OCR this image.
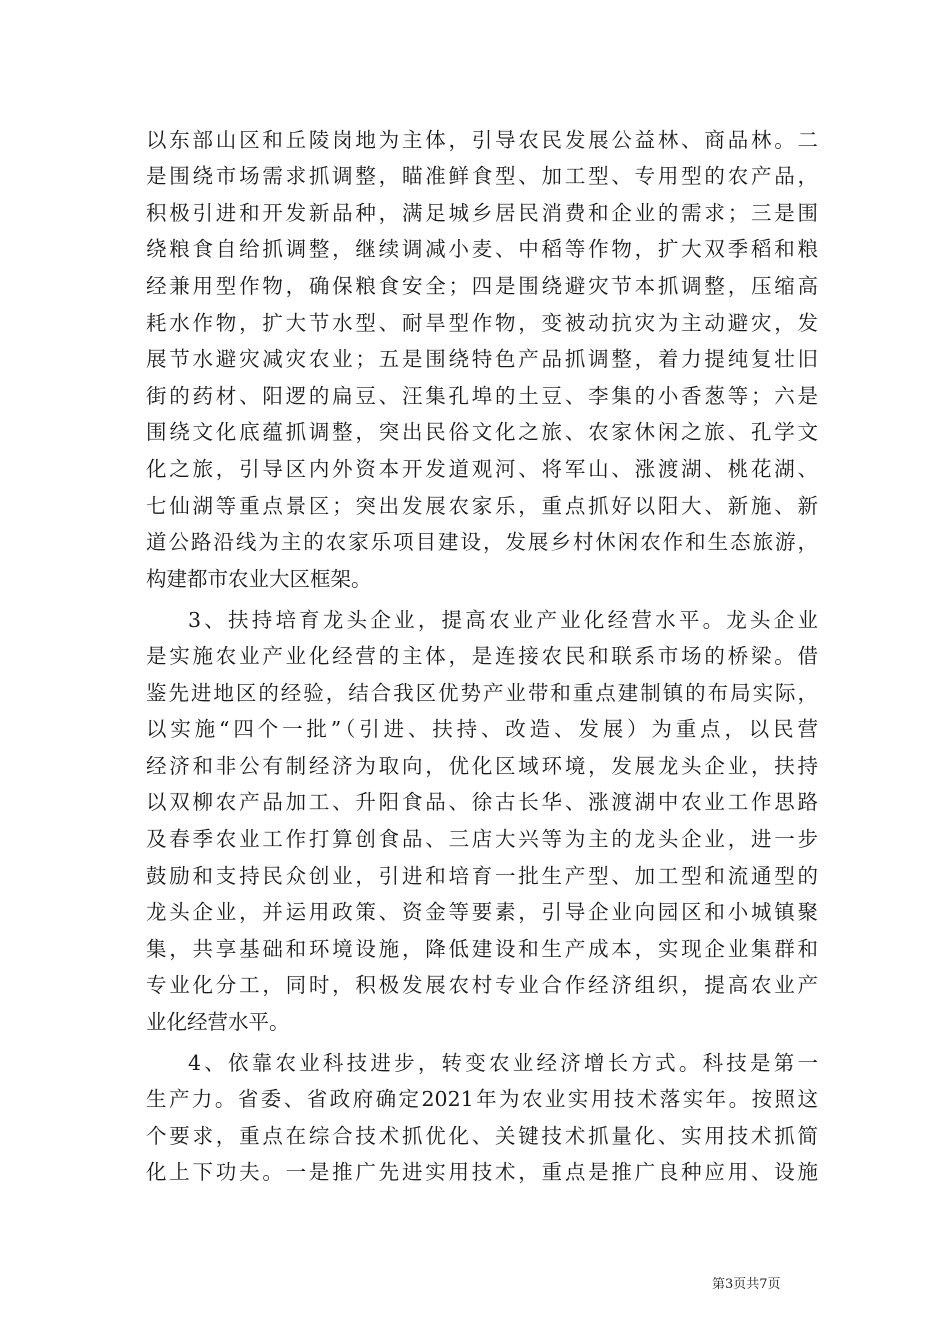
以东部山区和丘陵岗地为主体，引导农民发展公益林、商品林。二
是围绕市场需求抓调整，瞄准鲜食型、加工型、专用型的农产品，
积极引进和开发新品种，满足城乡居民消费和企业的需求；三是围
绕粮食自给抓调整，继续调减小麦、中稻等作物，扩大双季稻和粮
经兼用型作物，确保粮食安全；四是围绕避灾节本抓调整，压缩高
耗水作物，扩大节水型、耐旱型作物，变被动抗灾为主动避灾，发
展节水避灾减灾农业；五是围绕特色产品抓调整，着力提纯复壮旧
街的药材、阳逻的扁豆、汪集孔埠的土豆、李集的小香葱等；六是
围绕文化底蕴抓调整，突出民俗文化之旅、农家休闲之旅、孔学文
化之旅，引导区内外资本开发道观河、将军山、涨渡湖、桃花湖、
七仙湖等重点景区；突出发展农家乐，重点抓好以阳大、新施、新
道公路沿线为主的农家乐项目建设，发展乡村休闲农作和生态旅游，
构建都市农业大区框架。
3、扶持培育龙头企业，提高农业产业化经营水平。龙头企业
是实施农业产业化经营的主体，是连接农民和联系市场的桥梁。借
鉴先进地区的经验，结合我区优势产业带和重点建制镇的布局实际，
以实施“四个一批”（引进、扶持、改造、发展）为重点，以民营
经济和非公有制经济为取向，优化区域环境，发展龙头企业，扶持
以双柳农产品加工、升阳食品、徐古长华、涨渡湖中农业工作思路
及春季农业工作打算创食品、三店大兴等为主的龙头企业，进一步
鼓励和支持民众创业，引进和培育一批生产型、加工型和流通型的
龙头企业，并运用政策、资金等要素，引导企业向园区和小城镇聚
集，共享基础和环境设施，降低建设和生产成本，实现企业集群和
专业化分工，同时，积极发展农村专业合作经济组织，提高农业产
业化经营水平。
4、依靠农业科技进步，转变农业经济增长方式。科技是第一
生产力。省委、省政府确定2021年为农业实用技术落实年。按照这
个要求，重点在综合技术抓优化、关键技术抓量化、实用技术抓简
化上下功夫。一是推广先进实用技术，重点是推广良种应用、设施
第3页共7页
